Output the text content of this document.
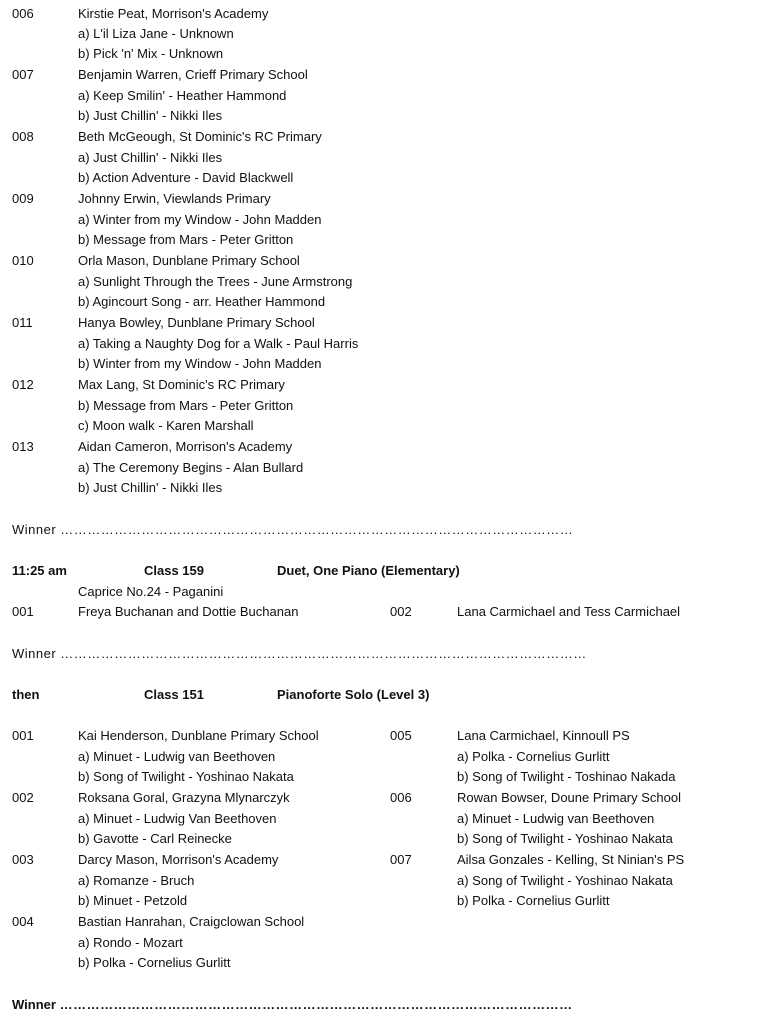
006	Kirstie Peat, Morrison's Academy
a) L'il Liza Jane - Unknown
b) Pick 'n' Mix - Unknown
007	Benjamin Warren, Crieff Primary School
a) Keep Smilin' - Heather Hammond
b) Just Chillin' - Nikki Iles
008	Beth McGeough, St Dominic's RC Primary
a) Just Chillin' - Nikki Iles
b) Action Adventure - David Blackwell
009	Johnny Erwin, Viewlands Primary
a) Winter from my Window - John Madden
b) Message from Mars - Peter Gritton
010	Orla Mason, Dunblane Primary School
a) Sunlight Through the Trees - June Armstrong
b) Agincourt Song - arr. Heather Hammond
011	Hanya Bowley, Dunblane Primary School
a) Taking a Naughty Dog for a Walk - Paul Harris
b) Winter from my Window - John Madden
012	Max Lang, St Dominic's RC Primary
b) Message from Mars - Peter Gritton
c) Moon walk - Karen Marshall
013	Aidan Cameron, Morrison's Academy
a) The Ceremony Begins - Alan Bullard
b) Just Chillin' - Nikki Iles
Winner ……………………………………………………………………………………………………
11:25 am	Class 159	Duet, One Piano (Elementary)
Caprice No.24 - Paganini
001	Freya Buchanan and Dottie Buchanan	002	Lana Carmichael and Tess Carmichael
Winner ………………………………………………………………………………………………………
then	Class 151	Pianoforte Solo (Level 3)
001	Kai Henderson, Dunblane Primary School
a) Minuet - Ludwig van Beethoven
b) Song of Twilight - Yoshinao Nakata
002	Roksana Goral, Grazyna Mlynarczyk
a) Minuet - Ludwig Van Beethoven
b) Gavotte - Carl Reinecke
003	Darcy Mason, Morrison's Academy
a) Romanze - Bruch
b) Minuet - Petzold
004	Bastian Hanrahan, Craigclowan School
a) Rondo - Mozart
b) Polka - Cornelius Gurlitt
005	Lana Carmichael, Kinnoull PS
a) Polka - Cornelius Gurlitt
b) Song of Twilight - Toshinao Nakada
006	Rowan Bowser, Doune Primary School
a) Minuet - Ludwig van Beethoven
b) Song of Twilight - Yoshinao Nakata
007	Ailsa Gonzales - Kelling, St Ninian's PS
a) Song of Twilight - Yoshinao Nakata
b) Polka - Cornelius Gurlitt
Winner ……………………………………………………………………………………………………
